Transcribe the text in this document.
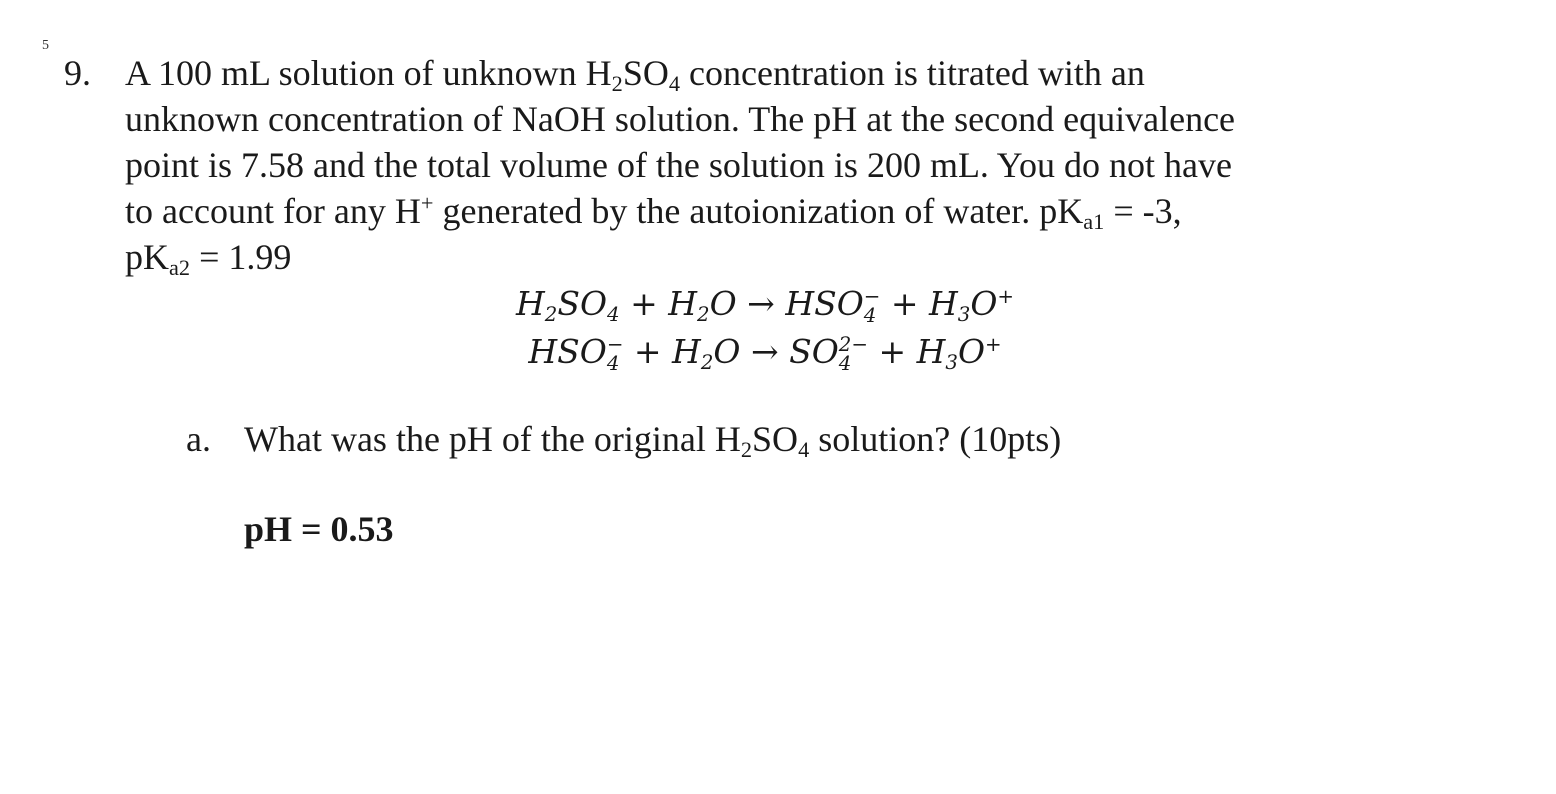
5
9. A 100 mL solution of unknown $H_2SO_4$ concentration is titrated with an
unknown concentration of NaOH solution. The pH at the second equivalence
point is 7.58 and the total volume of the solution is 200 mL. You do not have
to account for any H+ generated by the autoionization of water. $pK_{a1} = -3$,
$pK_{a2} = 1.99$
$H_2SO_4 + H_2O$ → HSO −
$4 + H_3O^+$
HSO −
$4 + H_2O$ → SO 2−
$4 + H_3O^+$
a. What was the pH of the original $H_2SO_4$ solution? (10pts)
pH = 0.53
